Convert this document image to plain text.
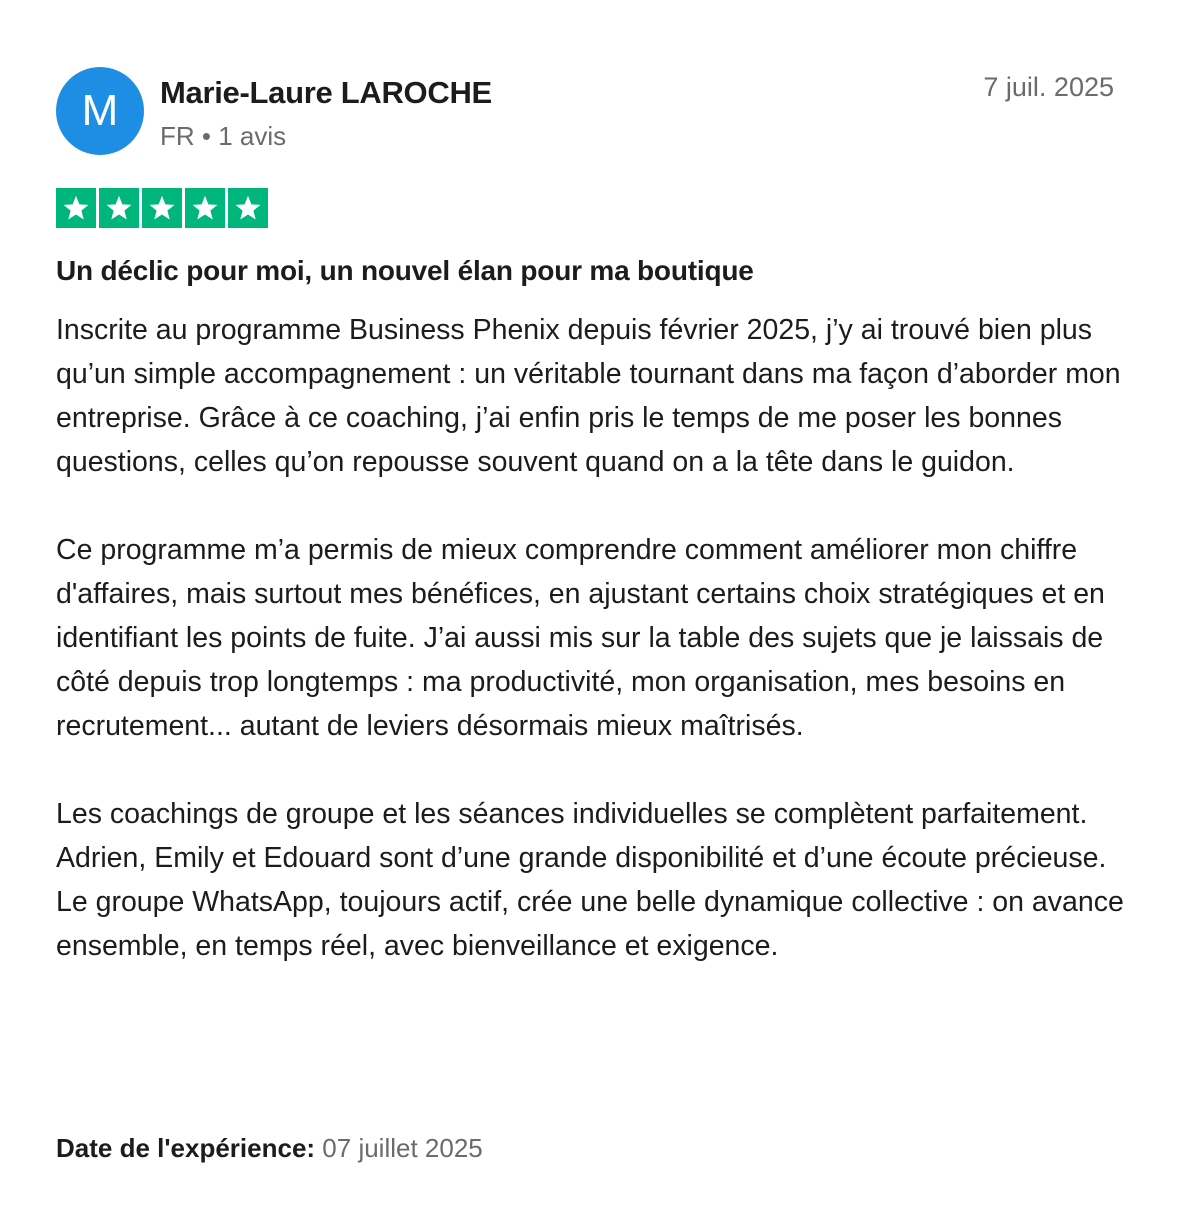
M	Marie-Laure LAROCHE
FR • 1 avis
7 juil. 2025
Un déclic pour moi, un nouvel élan pour ma boutique

Inscrite au programme Business Phenix depuis février 2025, j’y ai trouvé bien plus qu’un simple accompagnement : un véritable tournant dans ma façon d’aborder mon entreprise. Grâce à ce coaching, j’ai enfin pris le temps de me poser les bonnes questions, celles qu’on repousse souvent quand on a la tête dans le guidon.

Ce programme m’a permis de mieux comprendre comment améliorer mon chiffre d'affaires, mais surtout mes bénéfices, en ajustant certains choix stratégiques et en identifiant les points de fuite. J’ai aussi mis sur la table des sujets que je laissais de côté depuis trop longtemps : ma productivité, mon organisation, mes besoins en recrutement... autant de leviers désormais mieux maîtrisés.

Les coachings de groupe et les séances individuelles se complètent parfaitement. Adrien, Emily et Edouard sont d’une grande disponibilité et d’une écoute précieuse. Le groupe WhatsApp, toujours actif, crée une belle dynamique collective : on avance ensemble, en temps réel, avec bienveillance et exigence.

Date de l'expérience: 07 juillet 2025
